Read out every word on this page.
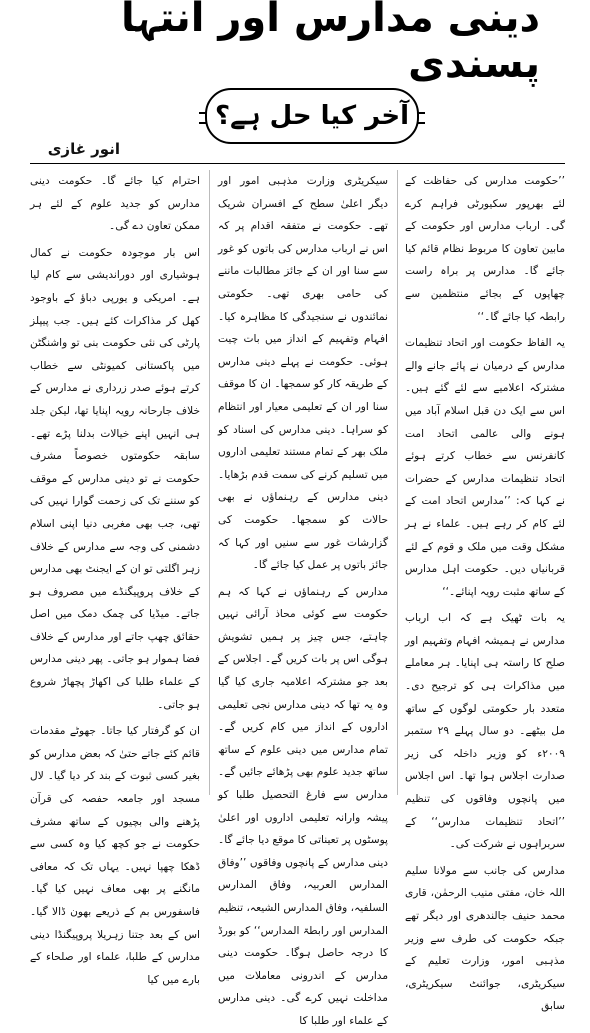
دینی مدارس اور انتہا پسندی
آخر کیا حل ہے؟
انور غازی

’’حکومت مدارس کی حفاظت کے لئے بھرپور سکیورٹی فراہم کرے گی۔ ارباب مدارس اور حکومت کے مابین تعاون کا مربوط نظام قائم کیا جائے گا۔ مدارس پر براہ راست چھاپوں کے بجائے منتظمین سے رابطہ کیا جائے گا۔‘‘

یہ الفاظ حکومت اور اتحاد تنظیمات مدارس کے درمیان نے پائے جانے والے مشترکہ اعلامیے سے لئے گئے ہیں۔ اس سے ایک دن قبل اسلام آباد میں ہونے والی عالمی اتحاد امت کانفرنس سے خطاب کرتے ہوئے اتحاد تنظیمات مدارس کے حضرات نے کہا کہ: ’’مدارس اتحاد امت کے لئے کام کر رہے ہیں۔ علماء نے ہر مشکل وقت میں ملک و قوم کے لئے قربانیاں دیں۔ حکومت اہل مدارس کے ساتھ مثبت رویہ اپنائے۔‘‘

یہ بات ٹھیک ہے کہ اب ارباب مدارس نے ہمیشہ افہام وتفہیم اور صلح کا راستہ ہی اپنایا۔ ہر معاملے میں مذاکرات ہی کو ترجیح دی۔ متعدد بار حکومتی لوگوں کے ساتھ مل بیٹھے۔ دو سال پہلے ۲۹ ستمبر ۲۰۰۹ء کو وزیر داخلہ کی زیر صدارت اجلاس ہوا تھا۔ اس اجلاس میں پانچوں وفاقوں کی تنظیم ’’اتحاد تنظیمات مدارس‘‘ کے سربراہوں نے شرکت کی۔

مدارس کی جانب سے مولانا سلیم اللہ خان، مفتی منیب الرحمٰن، قاری محمد حنیف جالندھری اور دیگر تھے جبکہ حکومت کی طرف سے وزیر مذہبی امور، وزارت تعلیم کے سیکریٹری، جوائنٹ سیکریٹری، سابق

سیکریٹری وزارت مذہبی امور اور دیگر اعلیٰ سطح کے افسران شریک تھے۔ حکومت نے متفقہ اقدام پر کہ اس نے ارباب مدارس کی باتوں کو غور سے سنا اور ان کے جائز مطالبات ماننے کی حامی بھری تھی۔ حکومتی نمائندوں نے سنجیدگی کا مظاہرہ کیا۔ افہام وتفہیم کے انداز میں بات چیت ہوئی۔ حکومت نے پہلے دینی مدارس کے طریقہ کار کو سمجھا۔ ان کا موقف سنا اور ان کے تعلیمی معیار اور انتظام کو سراہا۔ دینی مدارس کی اسناد کو ملک بھر کے تمام مستند تعلیمی اداروں میں تسلیم کرنے کی سمت قدم بڑھایا۔ دینی مدارس کے رہنماؤں نے بھی حالات کو سمجھا۔ حکومت کی گزارشات غور سے سنیں اور کہا کہ جائز باتوں پر عمل کیا جائے گا۔

مدارس کے رہنماؤں نے کہا کہ ہم حکومت سے کوئی محاذ آرائی نہیں چاہتے، جس چیز پر ہمیں تشویش ہوگی اس پر بات کریں گے۔ اجلاس کے بعد جو مشترکہ اعلامیہ جاری کیا گیا وہ یہ تھا کہ دینی مدارس نجی تعلیمی اداروں کے انداز میں کام کریں گے۔ تمام مدارس میں دینی علوم کے ساتھ ساتھ جدید علوم بھی پڑھائے جائیں گے۔ مدارس سے فارغ التحصیل طلبا کو پیشہ وارانہ تعلیمی اداروں اور اعلیٰ پوسٹوں پر تعیناتی کا موقع دیا جائے گا۔ دینی مدارس کے پانچوں وفاقوں ’’وفاق المدارس العربیہ، وفاق المدارس السلفیہ، وفاق المدارس الشیعہ، تنظیم المدارس اور رابطۃ المدارس‘‘ کو بورڈ کا درجہ حاصل ہوگا۔ حکومت دینی مدارس کے اندرونی معاملات میں مداخلت نہیں کرے گی۔ دینی مدارس کے علماء اور طلبا کا

احترام کیا جائے گا۔ حکومت دینی مدارس کو جدید علوم کے لئے ہر ممکن تعاون دے گی۔

اس بار موجودہ حکومت نے کمال ہوشیاری اور دوراندیشی سے کام لیا ہے۔ امریکی و یورپی دباؤ کے باوجود کھل کر مذاکرات کئے ہیں۔ جب پیپلز پارٹی کی نئی حکومت بنی تو واشنگٹن میں پاکستانی کمیونٹی سے خطاب کرتے ہوئے صدر زرداری نے مدارس کے خلاف جارحانہ رویہ اپنایا تھا، لیکن جلد ہی انہیں اپنے خیالات بدلنا پڑے تھے۔ سابقہ حکومتوں خصوصاً مشرف حکومت نے تو دینی مدارس کے موقف کو سننے تک کی زحمت گوارا نہیں کی تھی، جب بھی مغربی دنیا اپنی اسلام دشمنی کی وجہ سے مدارس کے خلاف زہر اگلتی تو ان کے ایجنٹ بھی مدارس کے خلاف پروپیگنڈے میں مصروف ہو جاتے۔ میڈیا کی چمک دمک میں اصل حقائق چھپ جاتے اور مدارس کے خلاف فضا ہموار ہو جاتی۔ پھر دینی مدارس کے علماء طلبا کی اکھاڑ پچھاڑ شروع ہو جاتی۔

ان کو گرفتار کیا جاتا۔ جھوٹے مقدمات قائم کئے جاتے حتیٰ کہ بعض مدارس کو بغیر کسی ثبوت کے بند کر دیا گیا۔ لال مسجد اور جامعہ حفصہ کی قرآن پڑھنے والی بچیوں کے ساتھ مشرف حکومت نے جو کچھ کیا وہ کسی سے ڈھکا چھپا نہیں۔ یہاں تک کہ معافی مانگنے پر بھی معاف نہیں کیا گیا۔ فاسفورس بم کے ذریعے بھون ڈالا گیا۔ اس کے بعد جتنا زہریلا پروپیگنڈا دینی مدارس کے طلبا، علماء اور صلحاء کے بارے میں کیا
